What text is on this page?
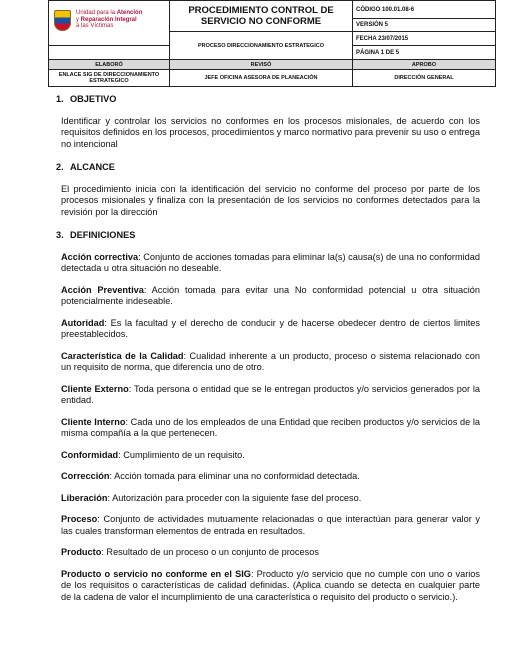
Unidad para la Atención
y Reparación Integral
a las Víctimas	PROCEDIMIENTO CONTROL DE SERVICIO NO CONFORME	CÓDIGO 100.01.08-6
		VERSIÓN 5
	PROCESO DIRECCIONAMIENTO ESTRATEGICO	FECHA 23/07/2015
		PÁGINA 1 DE 5
ELABORÓ	REVISÓ	APROBO
ENLACE SIG DE DIRECCIONAMIENTO ESTRATEGICO	JEFE OFICINA ASESORA DE PLANEACIÓN	DIRECCIÓN GENERAL
1. OBJETIVO

Identificar y controlar los servicios no conformes en los procesos misionales, de acuerdo con los requisitos definidos en los procesos, procedimientos y marco normativo para prevenir su uso o entrega no intencional

2. ALCANCE

El procedimiento inicia con la identificación del servicio no conforme del proceso por parte de los procesos misionales y finaliza con la presentación de los servicios no conformes detectados para la revisión por la dirección

3. DEFINICIONES

Acción correctiva: Conjunto de acciones tomadas para eliminar la(s) causa(s) de una no conformidad detectada u otra situación no deseable.

Acción Preventiva: Acción tomada para evitar una No conformidad potencial u otra situación potencialmente indeseable.

Autoridad: Es la facultad y el derecho de conducir y de hacerse obedecer dentro de ciertos limites preestablecidos.

Característica de la Calidad: Cualidad inherente a un producto, proceso o sistema relacionado con un requisito de norma, que diferencia uno de otro.

Cliente Externo: Toda persona o entidad que se le entregan productos y/o servicios generados por la entidad.

Cliente Interno: Cada uno de los empleados de una Entidad que reciben productos y/o servicios de la misma compañía a la que pertenecen.

Conformidad: Cumplimiento de un requisito.

Corrección: Acción tomada para eliminar una no conformidad detectada.

Liberación: Autorización para proceder con la siguiente fase del proceso.

Proceso: Conjunto de actividades mutuamente relacionadas o que interactúan para generar valor y las cuales transforman elementos de entrada en resultados.

Producto: Resultado de un proceso o un conjunto de procesos

Producto o servicio no conforme en el SIG: Producto y/o servicio que no cumple con uno o varios de los requisitos o características de calidad definidas. (Aplica cuando se detecta en cualquier parte de la cadena de valor el incumplimiento de una característica o requisito del producto o servicio.).
